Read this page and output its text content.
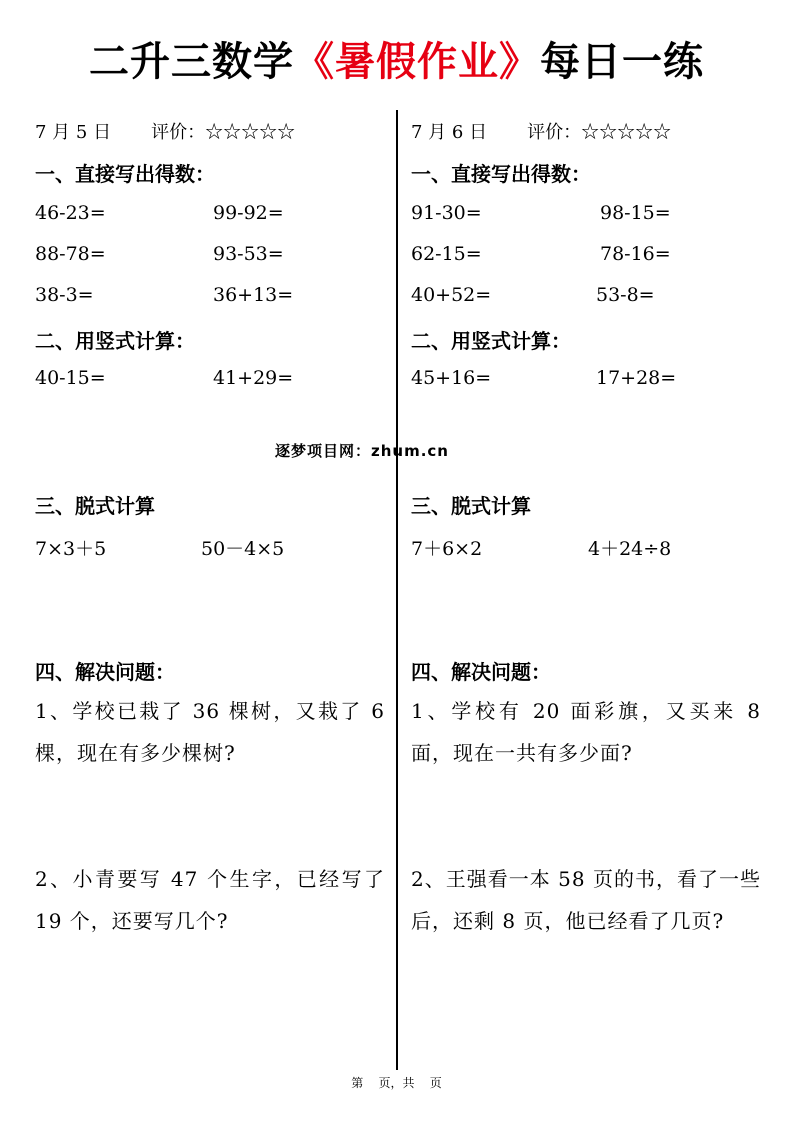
二升三数学《暑假作业》每日一练
7 月 5 日 评价：☆☆☆☆☆
一、直接写出得数：
46-23=	99-92=
88-78=	93-53=
38-3=	36+13=
二、用竖式计算：
40-15=	41+29=
三、脱式计算
7×3＋5	50－4×5
四、解决问题：
1、学校已栽了 36 棵树，又栽了 6 棵，现在有多少棵树?
2、小青要写 47 个生字，已经写了 19 个，还要写几个?
7 月 6 日 评价：☆☆☆☆☆
一、直接写出得数：
91-30=	98-15=
62-15=	78-16=
40+52=	53-8=
二、用竖式计算：
45+16=	17+28=
三、脱式计算
7＋6×2	4＋24÷8
四、解决问题：
1、学校有 20 面彩旗，又买来 8 面，现在一共有多少面?
2、王强看一本 58 页的书，看了一些后，还剩 8 页，他已经看了几页?
逐梦项目网：zhum.cn
第    页，共    页
